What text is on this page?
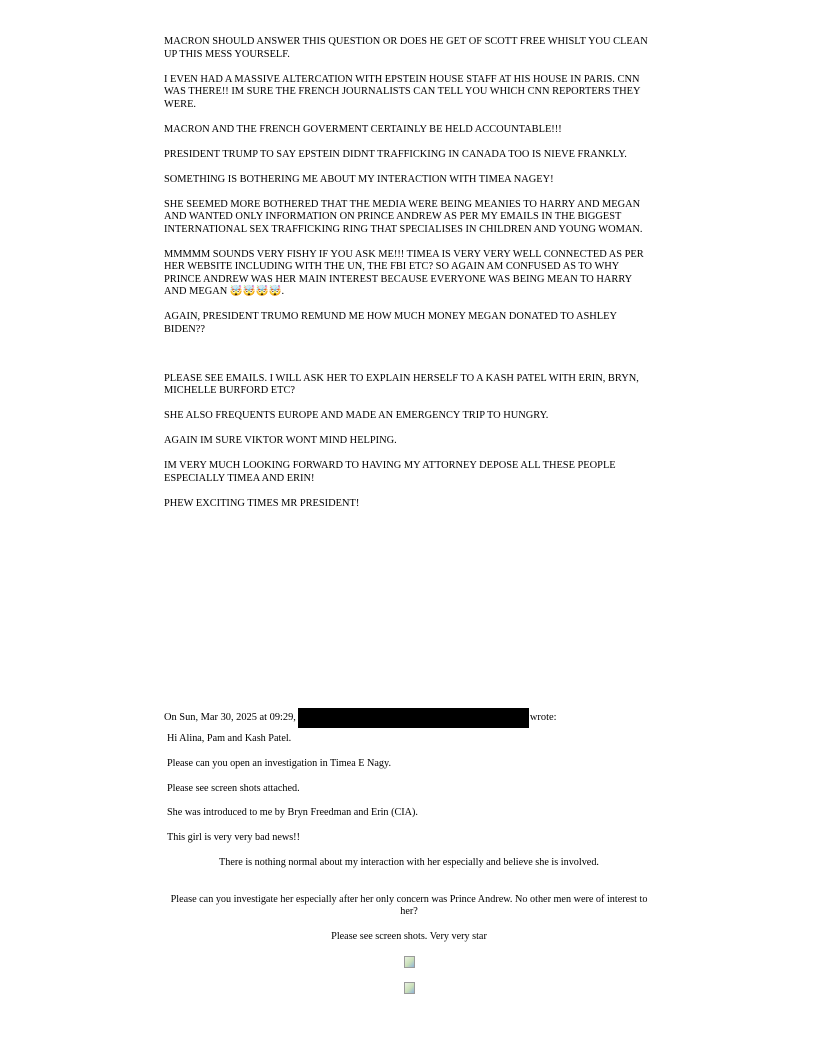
MACRON SHOULD ANSWER THIS QUESTION OR DOES HE GET OF SCOTT FREE WHISLT YOU CLEAN UP THIS MESS YOURSELF.

I EVEN HAD A MASSIVE ALTERCATION WITH EPSTEIN HOUSE STAFF AT HIS HOUSE IN PARIS. CNN WAS THERE!! IM SURE THE FRENCH JOURNALISTS CAN TELL YOU WHICH CNN REPORTERS THEY WERE.

MACRON AND THE FRENCH GOVERMENT CERTAINLY BE HELD ACCOUNTABLE!!!

PRESIDENT TRUMP TO SAY EPSTEIN DIDNT TRAFFICKING IN CANADA TOO IS NIEVE FRANKLY.

SOMETHING IS BOTHERING ME ABOUT MY INTERACTION WITH TIMEA NAGEY!

SHE SEEMED MORE BOTHERED THAT THE MEDIA WERE BEING MEANIES TO HARRY AND MEGAN AND WANTED ONLY INFORMATION ON PRINCE ANDREW AS PER MY EMAILS IN THE BIGGEST INTERNATIONAL SEX TRAFFICKING RING THAT SPECIALISES IN CHILDREN AND YOUNG WOMAN.

MMMMM SOUNDS VERY FISHY IF YOU ASK ME!!! TIMEA IS VERY VERY WELL CONNECTED AS PER HER WEBSITE INCLUDING WITH THE UN, THE FBI ETC? SO AGAIN AM CONFUSED AS TO WHY PRINCE ANDREW WAS HER MAIN INTEREST BECAUSE EVERYONE WAS BEING MEAN TO HARRY AND MEGAN 🤯🤯🤯🤯.

AGAIN, PRESIDENT TRUMO REMUND ME HOW MUCH MONEY MEGAN DONATED TO ASHLEY BIDEN??

PLEASE SEE EMAILS. I WILL ASK HER TO EXPLAIN HERSELF TO A KASH PATEL WITH ERIN, BRYN, MICHELLE BURFORD ETC?

SHE ALSO FREQUENTS EUROPE AND MADE AN EMERGENCY TRIP TO HUNGRY.

AGAIN IM SURE VIKTOR WONT MIND HELPING.

IM VERY MUCH LOOKING FORWARD TO HAVING MY ATTORNEY DEPOSE ALL THESE PEOPLE ESPECIALLY TIMEA AND ERIN!

PHEW EXCITING TIMES MR PRESIDENT!

On Sun, Mar 30, 2025 at 09:29,	wrote:

Hi Alina, Pam and Kash Patel.

Please can you open an investigation in Timea E Nagy.

Please see screen shots attached.

She was introduced to me by Bryn Freedman and Erin (CIA).

This girl is very very bad news!!

There is nothing normal about my interaction with her especially and believe she is involved.

Please can you investigate her especially after her only concern was Prince Andrew. No other men were of interest to her?

Please see screen shots. Very very star
